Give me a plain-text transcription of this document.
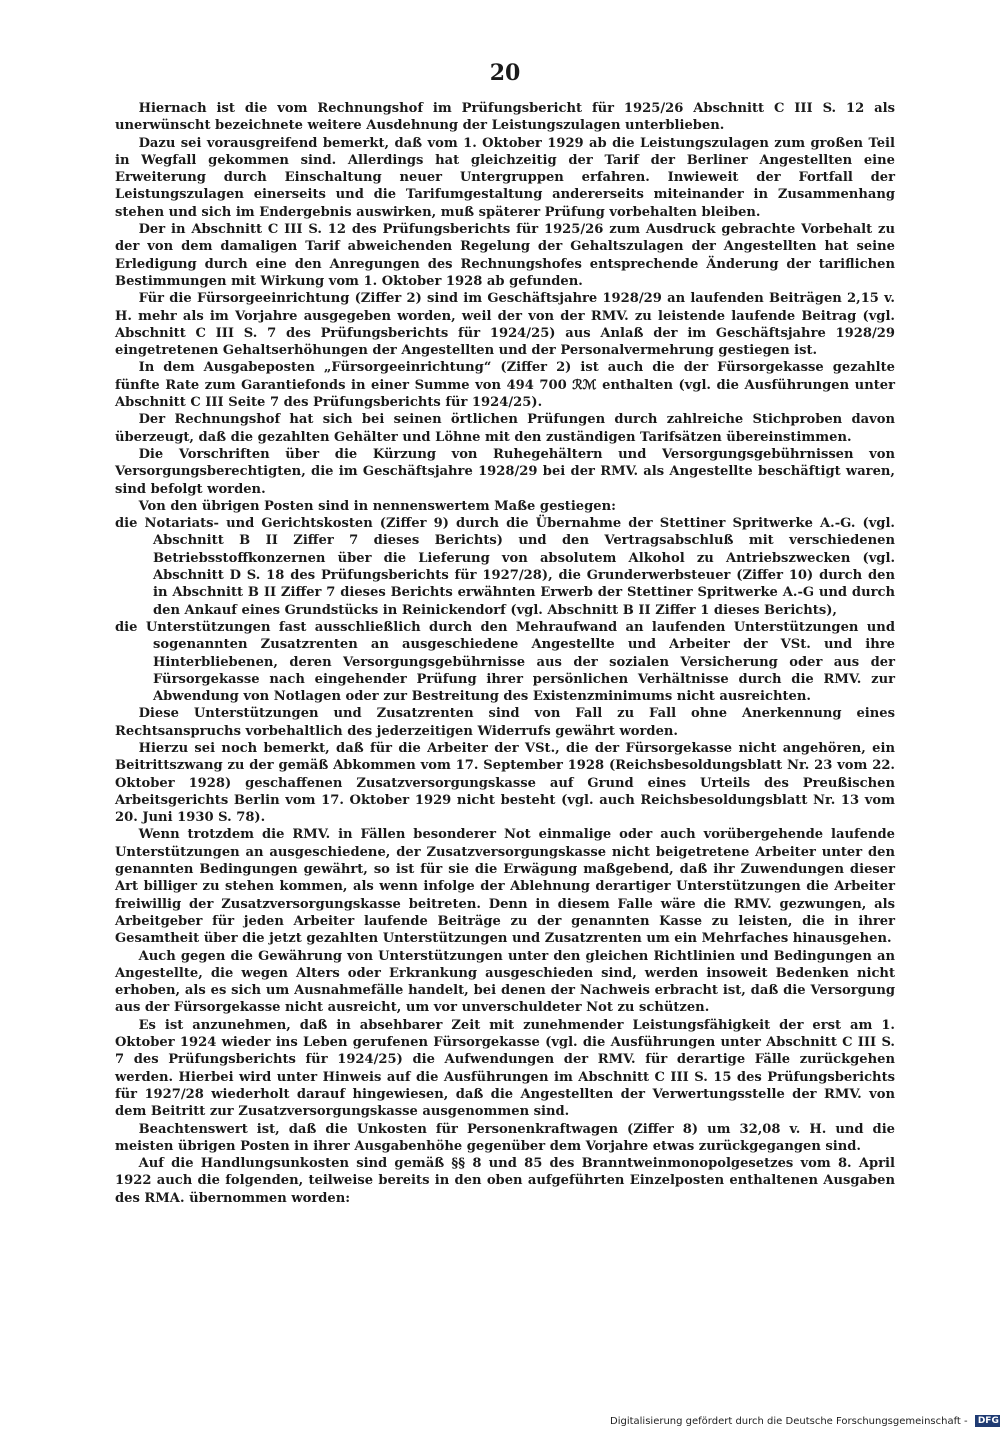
20

Hiernach ist die vom Rechnungshof im Prüfungsbericht für 1925/26 Abschnitt C III S. 12 als unerwünscht bezeichnete weitere Ausdehnung der Leistungszulagen unterblieben.

Dazu sei vorausgreifend bemerkt, daß vom 1. Oktober 1929 ab die Leistungszulagen zum großen Teil in Wegfall gekommen sind. Allerdings hat gleichzeitig der Tarif der Berliner Angestellten eine Erweiterung durch Einschaltung neuer Untergruppen erfahren. Inwieweit der Fortfall der Leistungszulagen einerseits und die Tarifumgestaltung andererseits miteinander in Zusammenhang stehen und sich im Endergebnis auswirken, muß späterer Prüfung vorbehalten bleiben.

Der in Abschnitt C III S. 12 des Prüfungsberichts für 1925/26 zum Ausdruck gebrachte Vorbehalt zu der von dem damaligen Tarif abweichenden Regelung der Gehaltszulagen der Angestellten hat seine Erledigung durch eine den Anregungen des Rechnungshofes entsprechende Änderung der tariflichen Bestimmungen mit Wirkung vom 1. Oktober 1928 ab gefunden.

Für die Fürsorgeeinrichtung (Ziffer 2) sind im Geschäftsjahre 1928/29 an laufenden Beiträgen 2,15 v. H. mehr als im Vorjahre ausgegeben worden, weil der von der RMV. zu leistende laufende Beitrag (vgl. Abschnitt C III S. 7 des Prüfungsberichts für 1924/25) aus Anlaß der im Geschäftsjahre 1928/29 eingetretenen Gehaltserhöhungen der Angestellten und der Personalvermehrung gestiegen ist.

In dem Ausgabeposten „Fürsorgeeinrichtung“ (Ziffer 2) ist auch die der Fürsorgekasse gezahlte fünfte Rate zum Garantiefonds in einer Summe von 494 700 ℛℳ enthalten (vgl. die Ausführungen unter Abschnitt C III Seite 7 des Prüfungsberichts für 1924/25).

Der Rechnungshof hat sich bei seinen örtlichen Prüfungen durch zahlreiche Stichproben davon überzeugt, daß die gezahlten Gehälter und Löhne mit den zuständigen Tarifsätzen übereinstimmen.

Die Vorschriften über die Kürzung von Ruhegehältern und Versorgungsgebührnissen von Versorgungsberechtigten, die im Geschäftsjahre 1928/29 bei der RMV. als Angestellte beschäftigt waren, sind befolgt worden.

Von den übrigen Posten sind in nennenswertem Maße gestiegen:

die Notariats- und Gerichtskosten (Ziffer 9) durch die Übernahme der Stettiner Spritwerke A.-G. (vgl. Abschnitt B II Ziffer 7 dieses Berichts) und den Vertragsabschluß mit verschiedenen Betriebsstoffkonzernen über die Lieferung von absolutem Alkohol zu Antriebszwecken (vgl. Abschnitt D S. 18 des Prüfungsberichts für 1927/28), die Grunderwerbsteuer (Ziffer 10) durch den in Abschnitt B II Ziffer 7 dieses Berichts erwähnten Erwerb der Stettiner Spritwerke A.-G und durch den Ankauf eines Grundstücks in Reinickendorf (vgl. Abschnitt B II Ziffer 1 dieses Berichts),

die Unterstützungen fast ausschließlich durch den Mehraufwand an laufenden Unterstützungen und sogenannten Zusatzrenten an ausgeschiedene Angestellte und Arbeiter der VSt. und ihre Hinterbliebenen, deren Versorgungsgebührnisse aus der sozialen Versicherung oder aus der Fürsorgekasse nach eingehender Prüfung ihrer persönlichen Verhältnisse durch die RMV. zur Abwendung von Notlagen oder zur Bestreitung des Existenzminimums nicht ausreichten.

Diese Unterstützungen und Zusatzrenten sind von Fall zu Fall ohne Anerkennung eines Rechtsanspruchs vorbehaltlich des jederzeitigen Widerrufs gewährt worden.

Hierzu sei noch bemerkt, daß für die Arbeiter der VSt., die der Fürsorgekasse nicht angehören, ein Beitrittszwang zu der gemäß Abkommen vom 17. September 1928 (Reichsbesoldungsblatt Nr. 23 vom 22. Oktober 1928) geschaffenen Zusatzversorgungskasse auf Grund eines Urteils des Preußischen Arbeitsgerichts Berlin vom 17. Oktober 1929 nicht besteht (vgl. auch Reichsbesoldungsblatt Nr. 13 vom 20. Juni 1930 S. 78).

Wenn trotzdem die RMV. in Fällen besonderer Not einmalige oder auch vorübergehende laufende Unterstützungen an ausgeschiedene, der Zusatzversorgungskasse nicht beigetretene Arbeiter unter den genannten Bedingungen gewährt, so ist für sie die Erwägung maßgebend, daß ihr Zuwendungen dieser Art billiger zu stehen kommen, als wenn infolge der Ablehnung derartiger Unterstützungen die Arbeiter freiwillig der Zusatzversorgungskasse beitreten. Denn in diesem Falle wäre die RMV. gezwungen, als Arbeitgeber für jeden Arbeiter laufende Beiträge zu der genannten Kasse zu leisten, die in ihrer Gesamtheit über die jetzt gezahlten Unterstützungen und Zusatzrenten um ein Mehrfaches hinausgehen.

Auch gegen die Gewährung von Unterstützungen unter den gleichen Richtlinien und Bedingungen an Angestellte, die wegen Alters oder Erkrankung ausgeschieden sind, werden insoweit Bedenken nicht erhoben, als es sich um Ausnahmefälle handelt, bei denen der Nachweis erbracht ist, daß die Versorgung aus der Fürsorgekasse nicht ausreicht, um vor unverschuldeter Not zu schützen.

Es ist anzunehmen, daß in absehbarer Zeit mit zunehmender Leistungsfähigkeit der erst am 1. Oktober 1924 wieder ins Leben gerufenen Fürsorgekasse (vgl. die Ausführungen unter Abschnitt C III S. 7 des Prüfungsberichts für 1924/25) die Aufwendungen der RMV. für derartige Fälle zurückgehen werden. Hierbei wird unter Hinweis auf die Ausführungen im Abschnitt C III S. 15 des Prüfungsberichts für 1927/28 wiederholt darauf hingewiesen, daß die Angestellten der Verwertungsstelle der RMV. von dem Beitritt zur Zusatzversorgungskasse ausgenommen sind.

Beachtenswert ist, daß die Unkosten für Personenkraftwagen (Ziffer 8) um 32,08 v. H. und die meisten übrigen Posten in ihrer Ausgabenhöhe gegenüber dem Vorjahre etwas zurückgegangen sind.

Auf die Handlungsunkosten sind gemäß §§ 8 und 85 des Branntweinmonopolgesetzes vom 8. April 1922 auch die folgenden, teilweise bereits in den oben aufgeführten Einzelposten enthaltenen Ausgaben des RMA. übernommen worden:

Digitalisierung gefördert durch die Deutsche Forschungsgemeinschaft - DFG
